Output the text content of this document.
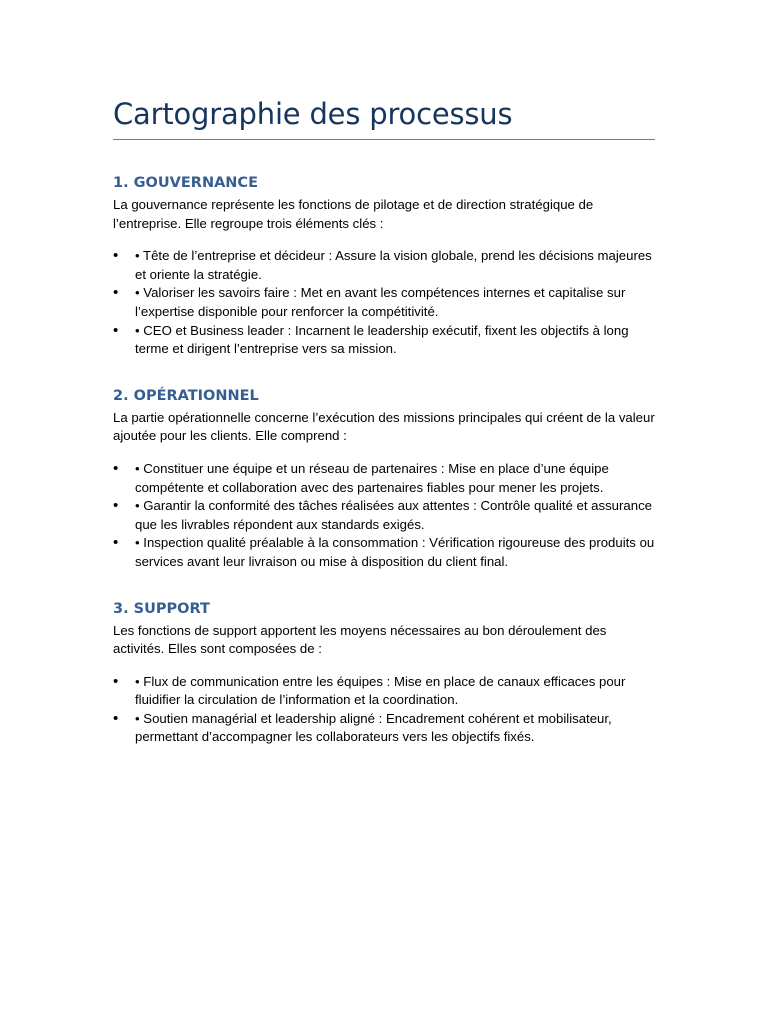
Cartographie des processus
1. GOUVERNANCE

La gouvernance représente les fonctions de pilotage et de direction stratégique de l’entreprise. Elle regroupe trois éléments clés :

• • Tête de l’entreprise et décideur : Assure la vision globale, prend les décisions majeures et oriente la stratégie.
• • Valoriser les savoirs faire : Met en avant les compétences internes et capitalise sur l’expertise disponible pour renforcer la compétitivité.
• • CEO et Business leader : Incarnent le leadership exécutif, fixent les objectifs à long terme et dirigent l’entreprise vers sa mission.
2. OPÉRATIONNEL

La partie opérationnelle concerne l’exécution des missions principales qui créent de la valeur ajoutée pour les clients. Elle comprend :

• • Constituer une équipe et un réseau de partenaires : Mise en place d’une équipe compétente et collaboration avec des partenaires fiables pour mener les projets.
• • Garantir la conformité des tâches réalisées aux attentes : Contrôle qualité et assurance que les livrables répondent aux standards exigés.
• • Inspection qualité préalable à la consommation : Vérification rigoureuse des produits ou services avant leur livraison ou mise à disposition du client final.
3. SUPPORT

Les fonctions de support apportent les moyens nécessaires au bon déroulement des activités. Elles sont composées de :

• • Flux de communication entre les équipes : Mise en place de canaux efficaces pour fluidifier la circulation de l’information et la coordination.
• • Soutien managérial et leadership aligné : Encadrement cohérent et mobilisateur, permettant d’accompagner les collaborateurs vers les objectifs fixés.
